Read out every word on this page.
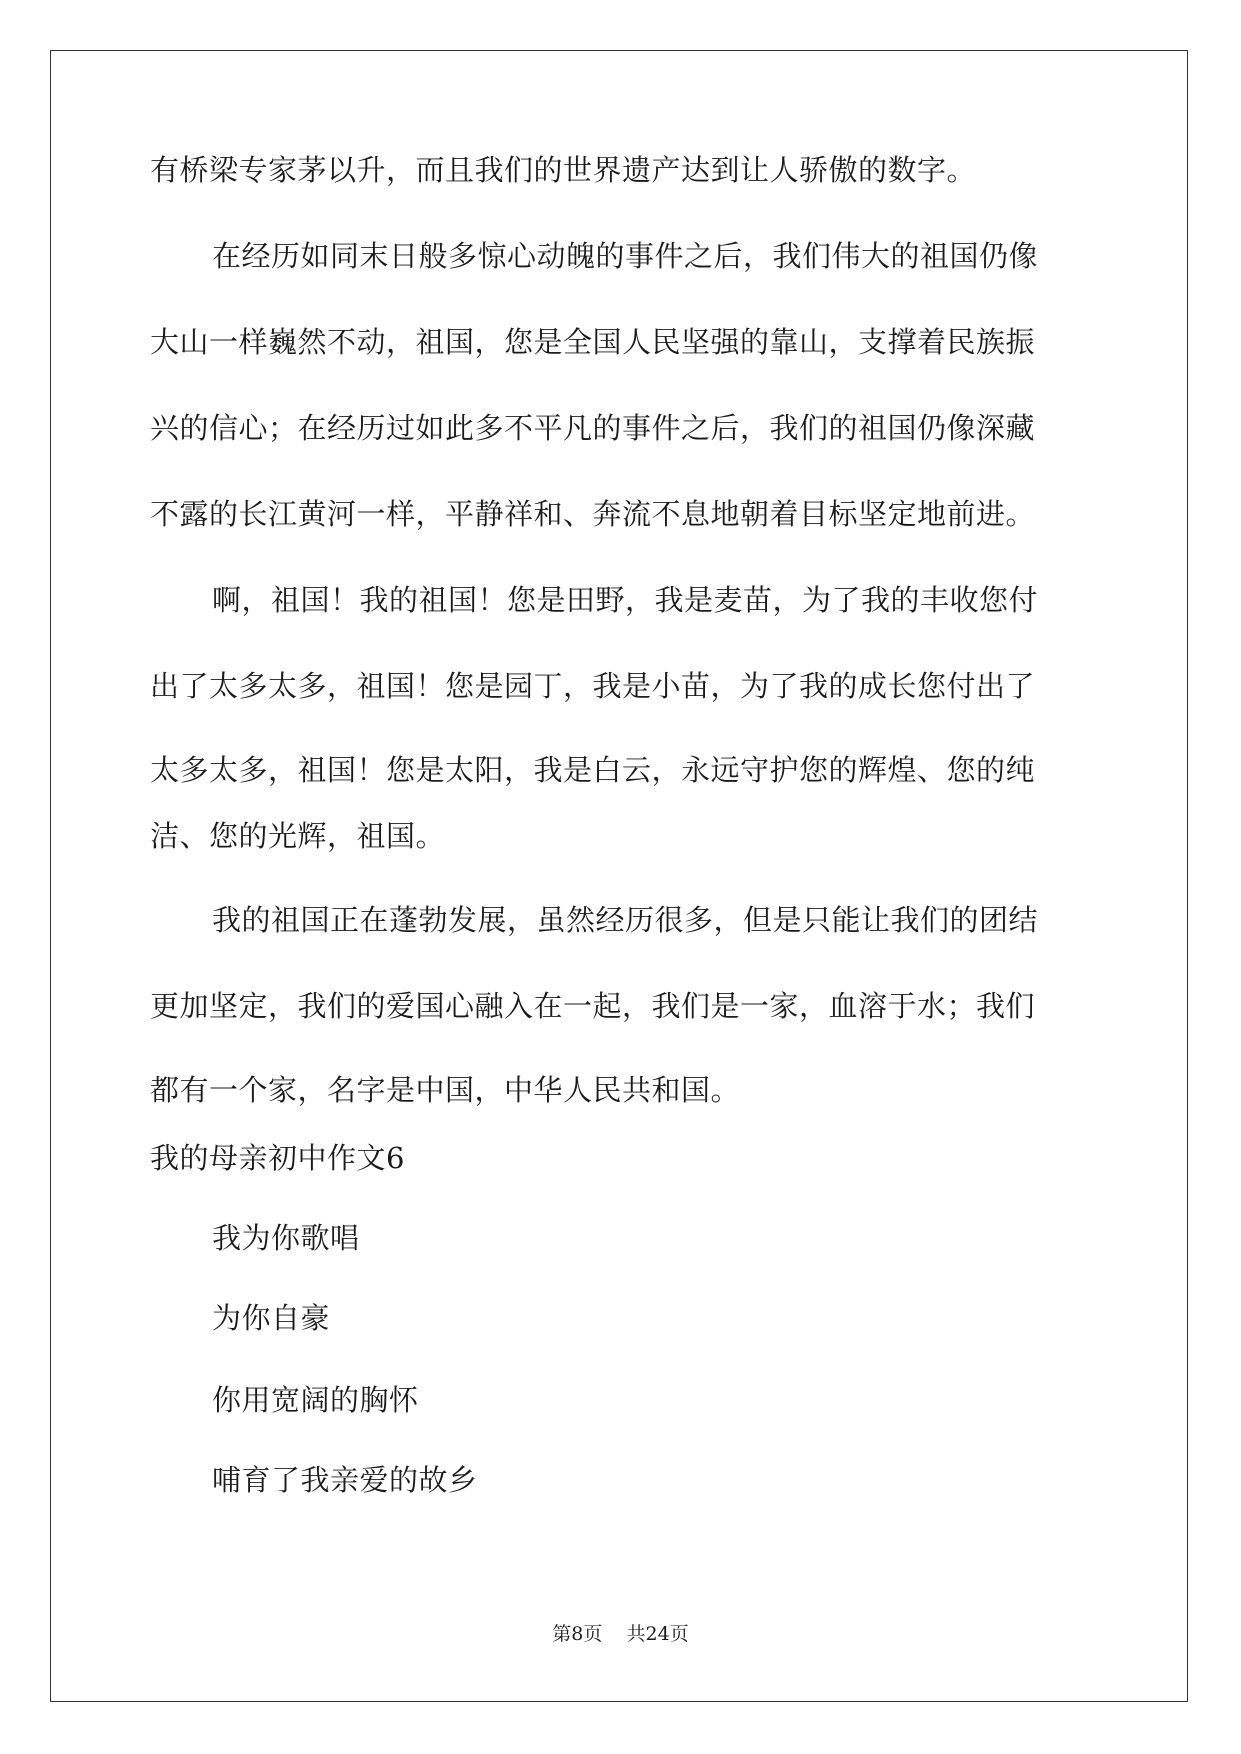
有桥梁专家茅以升，而且我们的世界遗产达到让人骄傲的数字。
在经历如同末日般多惊心动魄的事件之后，我们伟大的祖国仍像
大山一样巍然不动，祖国，您是全国人民坚强的靠山，支撑着民族振
兴的信心；在经历过如此多不平凡的事件之后，我们的祖国仍像深藏
不露的长江黄河一样，平静祥和、奔流不息地朝着目标坚定地前进。
啊，祖国！我的祖国！您是田野，我是麦苗，为了我的丰收您付
出了太多太多，祖国！您是园丁，我是小苗，为了我的成长您付出了
太多太多，祖国！您是太阳，我是白云，永远守护您的辉煌、您的纯
洁、您的光辉，祖国。
我的祖国正在蓬勃发展，虽然经历很多，但是只能让我们的团结
更加坚定，我们的爱国心融入在一起，我们是一家，血溶于水；我们
都有一个家，名字是中国，中华人民共和国。
我的母亲初中作文6
我为你歌唱
为你自豪
你用宽阔的胸怀
哺育了我亲爱的故乡
第8页    共24页
